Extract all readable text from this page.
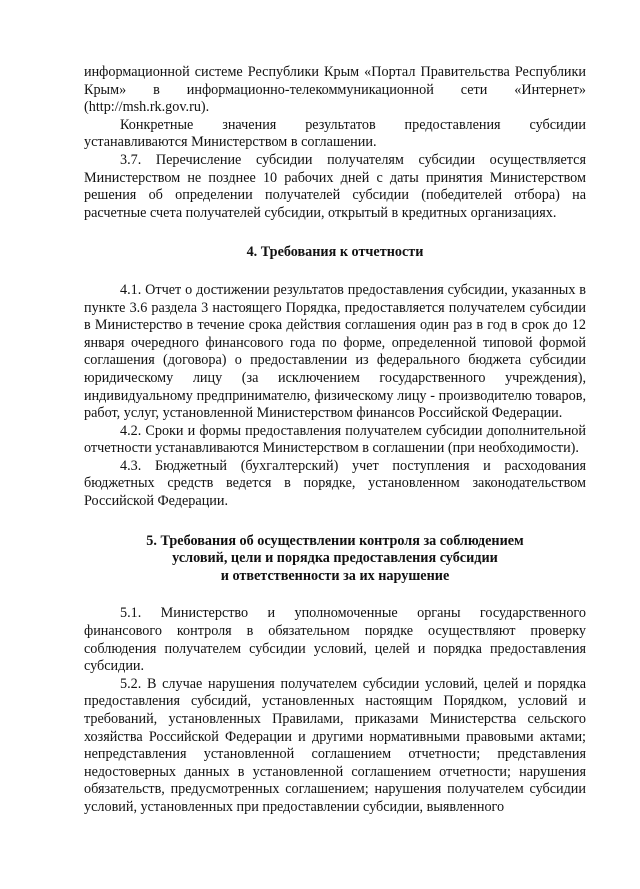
информационной системе Республики Крым «Портал Правительства Республики Крым» в информационно-телекоммуникационной сети «Интернет» (http://msh.rk.gov.ru).

Конкретные значения результатов предоставления субсидии устанавливаются Министерством в соглашении.

3.7. Перечисление субсидии получателям субсидии осуществляется Министерством не позднее 10 рабочих дней с даты принятия Министерством решения об определении получателей субсидии (победителей отбора) на расчетные счета получателей субсидии, открытый в кредитных организациях.

4. Требования к отчетности

4.1. Отчет о достижении результатов предоставления субсидии, указанных в пункте 3.6 раздела 3 настоящего Порядка, предоставляется получателем субсидии в Министерство в течение срока действия соглашения один раз в год в срок до 12 января очередного финансового года по форме, определенной типовой формой соглашения (договора) о предоставлении из федерального бюджета субсидии юридическому лицу (за исключением государственного учреждения), индивидуальному предпринимателю, физическому лицу - производителю товаров, работ, услуг, установленной Министерством финансов Российской Федерации.

4.2. Сроки и формы предоставления получателем субсидии дополнительной отчетности устанавливаются Министерством в соглашении (при необходимости).

4.3. Бюджетный (бухгалтерский) учет поступления и расходования бюджетных средств ведется в порядке, установленном законодательством Российской Федерации.

5. Требования об осуществлении контроля за соблюдением
условий, цели и порядка предоставления субсидии
и ответственности за их нарушение

5.1. Министерство и уполномоченные органы государственного финансового контроля в обязательном порядке осуществляют проверку соблюдения получателем субсидии условий, целей и порядка предоставления субсидии.

5.2. В случае нарушения получателем субсидии условий, целей и порядка предоставления субсидий, установленных настоящим Порядком, условий и требований, установленных Правилами, приказами Министерства сельского хозяйства Российской Федерации и другими нормативными правовыми актами; непредставления установленной соглашением отчетности; представления недостоверных данных в установленной соглашением отчетности; нарушения обязательств, предусмотренных соглашением; нарушения получателем субсидии условий, установленных при предоставлении субсидии, выявленного
